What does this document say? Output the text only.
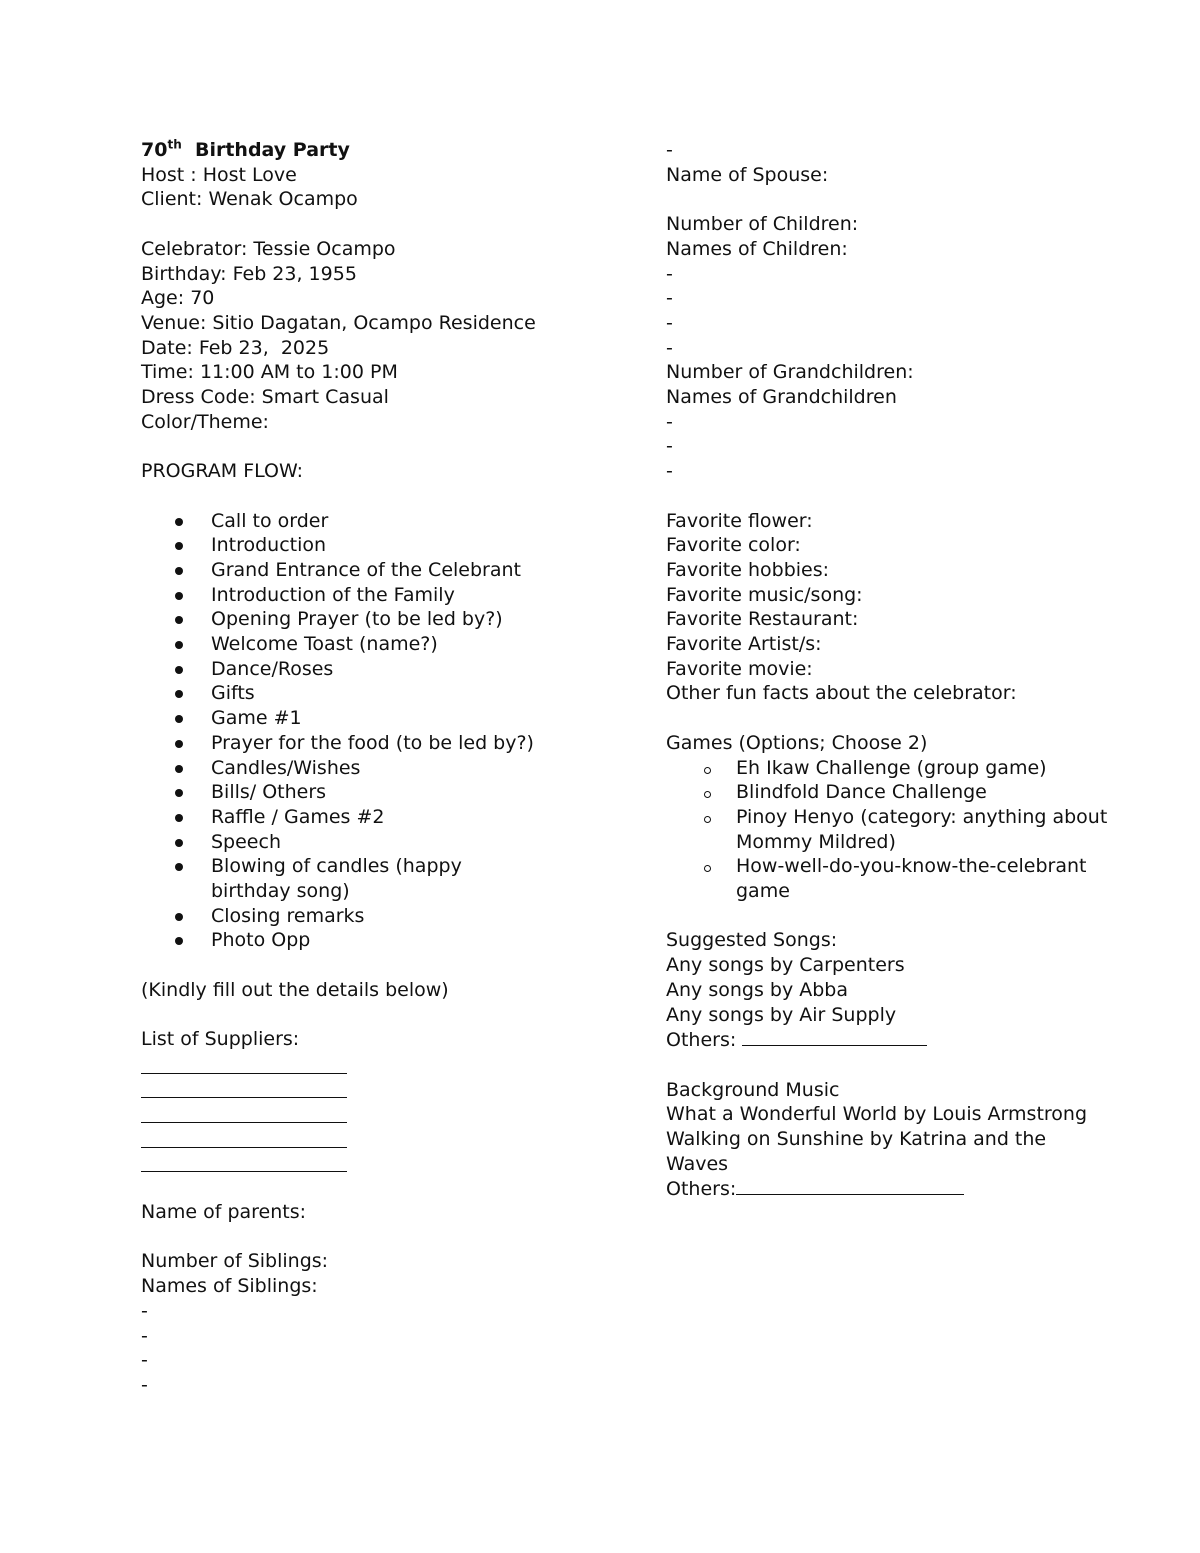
70th Birthday Party
Host : Host Love
Client: Wenak Ocampo
Celebrator: Tessie Ocampo
Birthday: Feb 23, 1955
Age: 70
Venue: Sitio Dagatan, Ocampo Residence
Date: Feb 23,  2025
Time: 11:00 AM to 1:00 PM
Dress Code: Smart Casual
Color/Theme:
PROGRAM FLOW:
Call to order
Introduction
Grand Entrance of the Celebrant
Introduction of the Family
Opening Prayer (to be led by?)
Welcome Toast (name?)
Dance/Roses
Gifts
Game #1
Prayer for the food (to be led by?)
Candles/Wishes
Bills/ Others
Raffle / Games #2
Speech
Blowing of candles (happy birthday song)
Closing remarks
Photo Opp
(Kindly fill out the details below)
List of Suppliers:
Name of parents:
Number of Siblings:
Names of Siblings:
-
-
-
-
-
Name of Spouse:
Number of Children:
Names of Children:
-
-
-
-
Number of Grandchildren:
Names of Grandchildren
-
-
-
Favorite flower:
Favorite color:
Favorite hobbies:
Favorite music/song:
Favorite Restaurant:
Favorite Artist/s:
Favorite movie:
Other fun facts about the celebrator:
Games (Options; Choose 2)
Eh Ikaw Challenge (group game)
Blindfold Dance Challenge
Pinoy Henyo (category: anything about Mommy Mildred)
How-well-do-you-know-the-celebrant game
Suggested Songs:
Any songs by Carpenters
Any songs by Abba
Any songs by Air Supply
Others:
Background Music
What a Wonderful World by Louis Armstrong
Walking on Sunshine by Katrina and the Waves
Others:
